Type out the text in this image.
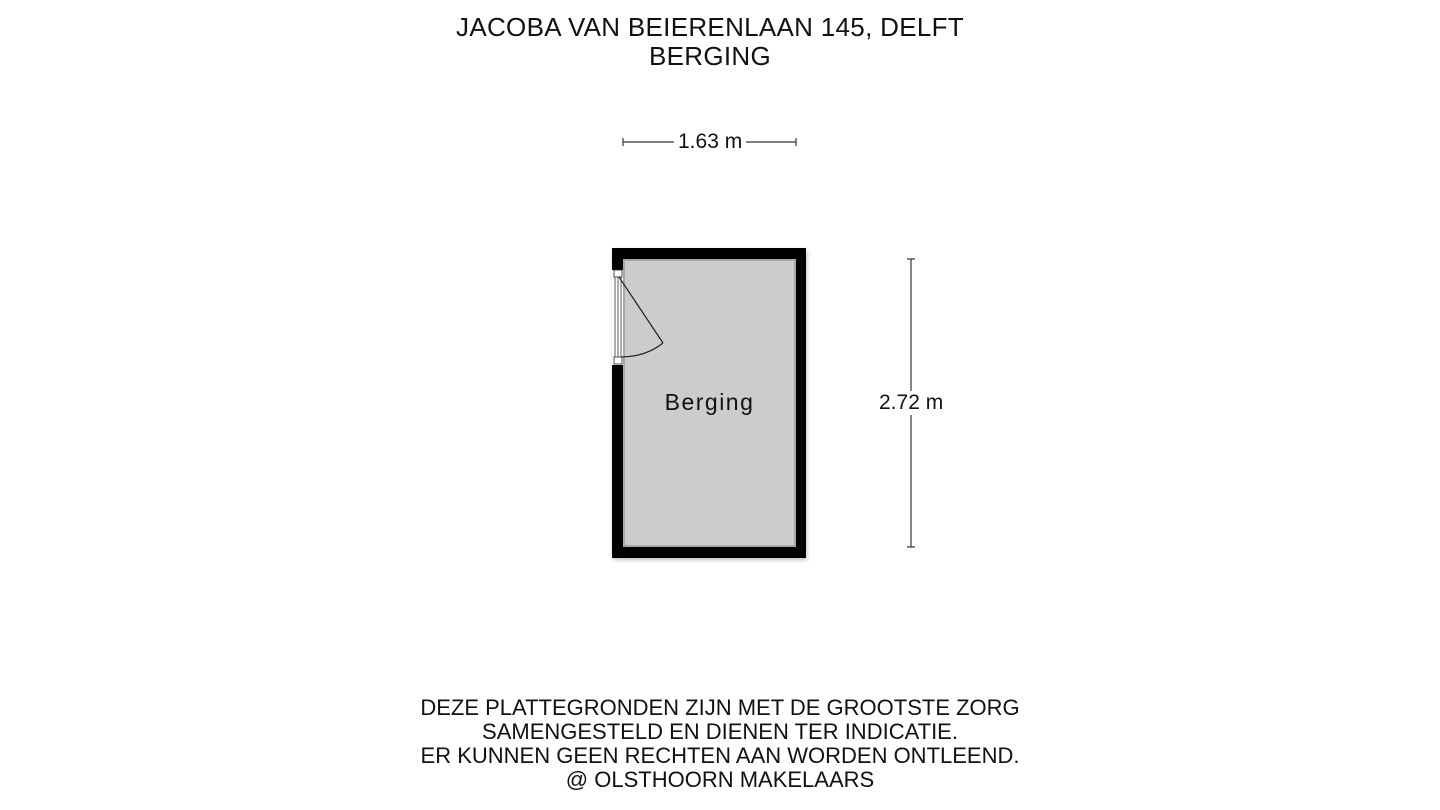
JACOBA VAN BEIERENLAAN 145, DELFT
BERGING
1.63 m
2.72 m
Berging
DEZE PLATTEGRONDEN ZIJN MET DE GROOTSTE ZORG
SAMENGESTELD EN DIENEN TER INDICATIE.
ER KUNNEN GEEN RECHTEN AAN WORDEN ONTLEEND.
@ OLSTHOORN MAKELAARS
